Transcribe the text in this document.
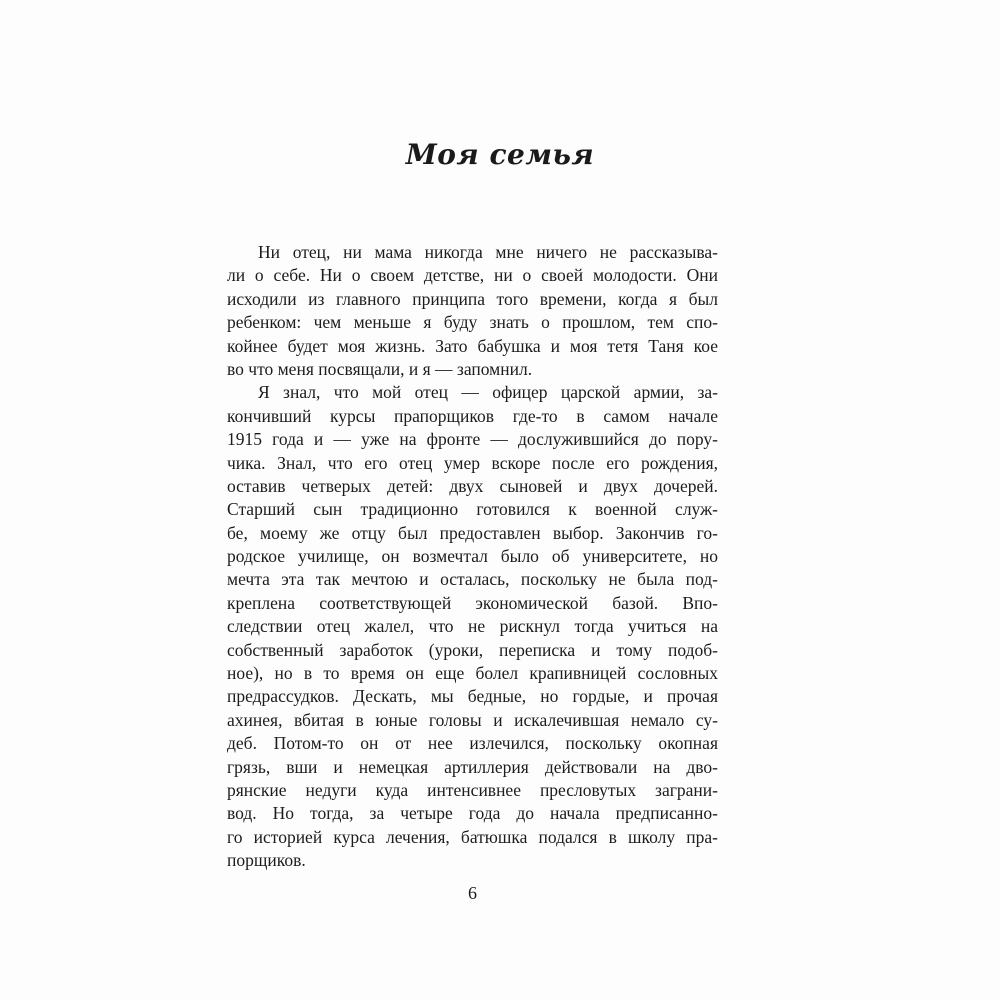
Моя семья
Ни отец, ни мама никогда мне ничего не рассказыва-
ли о себе. Ни о своем детстве, ни о своей молодости. Они
исходили из главного принципа того времени, когда я был
ребенком: чем меньше я буду знать о прошлом, тем спо-
койнее будет моя жизнь. Зато бабушка и моя тетя Таня кое
во что меня посвящали, и я — запомнил.
Я знал, что мой отец — офицер царской армии, за-
кончивший курсы прапорщиков где-то в самом начале
1915 года и — уже на фронте — дослужившийся до пору-
чика. Знал, что его отец умер вскоре после его рождения,
оставив четверых детей: двух сыновей и двух дочерей.
Старший сын традиционно готовился к военной служ-
бе, моему же отцу был предоставлен выбор. Закончив го-
родское училище, он возмечтал было об университете, но
мечта эта так мечтою и осталась, поскольку не была под-
креплена соответствующей экономической базой. Впо-
следствии отец жалел, что не рискнул тогда учиться на
собственный заработок (уроки, переписка и тому подоб-
ное), но в то время он еще болел крапивницей сословных
предрассудков. Дескать, мы бедные, но гордые, и прочая
ахинея, вбитая в юные головы и искалечившая немало су-
деб. Потом-то он от нее излечился, поскольку окопная
грязь, вши и немецкая артиллерия действовали на дво-
рянские недуги куда интенсивнее пресловутых заграни-
вод. Но тогда, за четыре года до начала предписанно-
го историей курса лечения, батюшка подался в школу пра-
порщиков.
6
